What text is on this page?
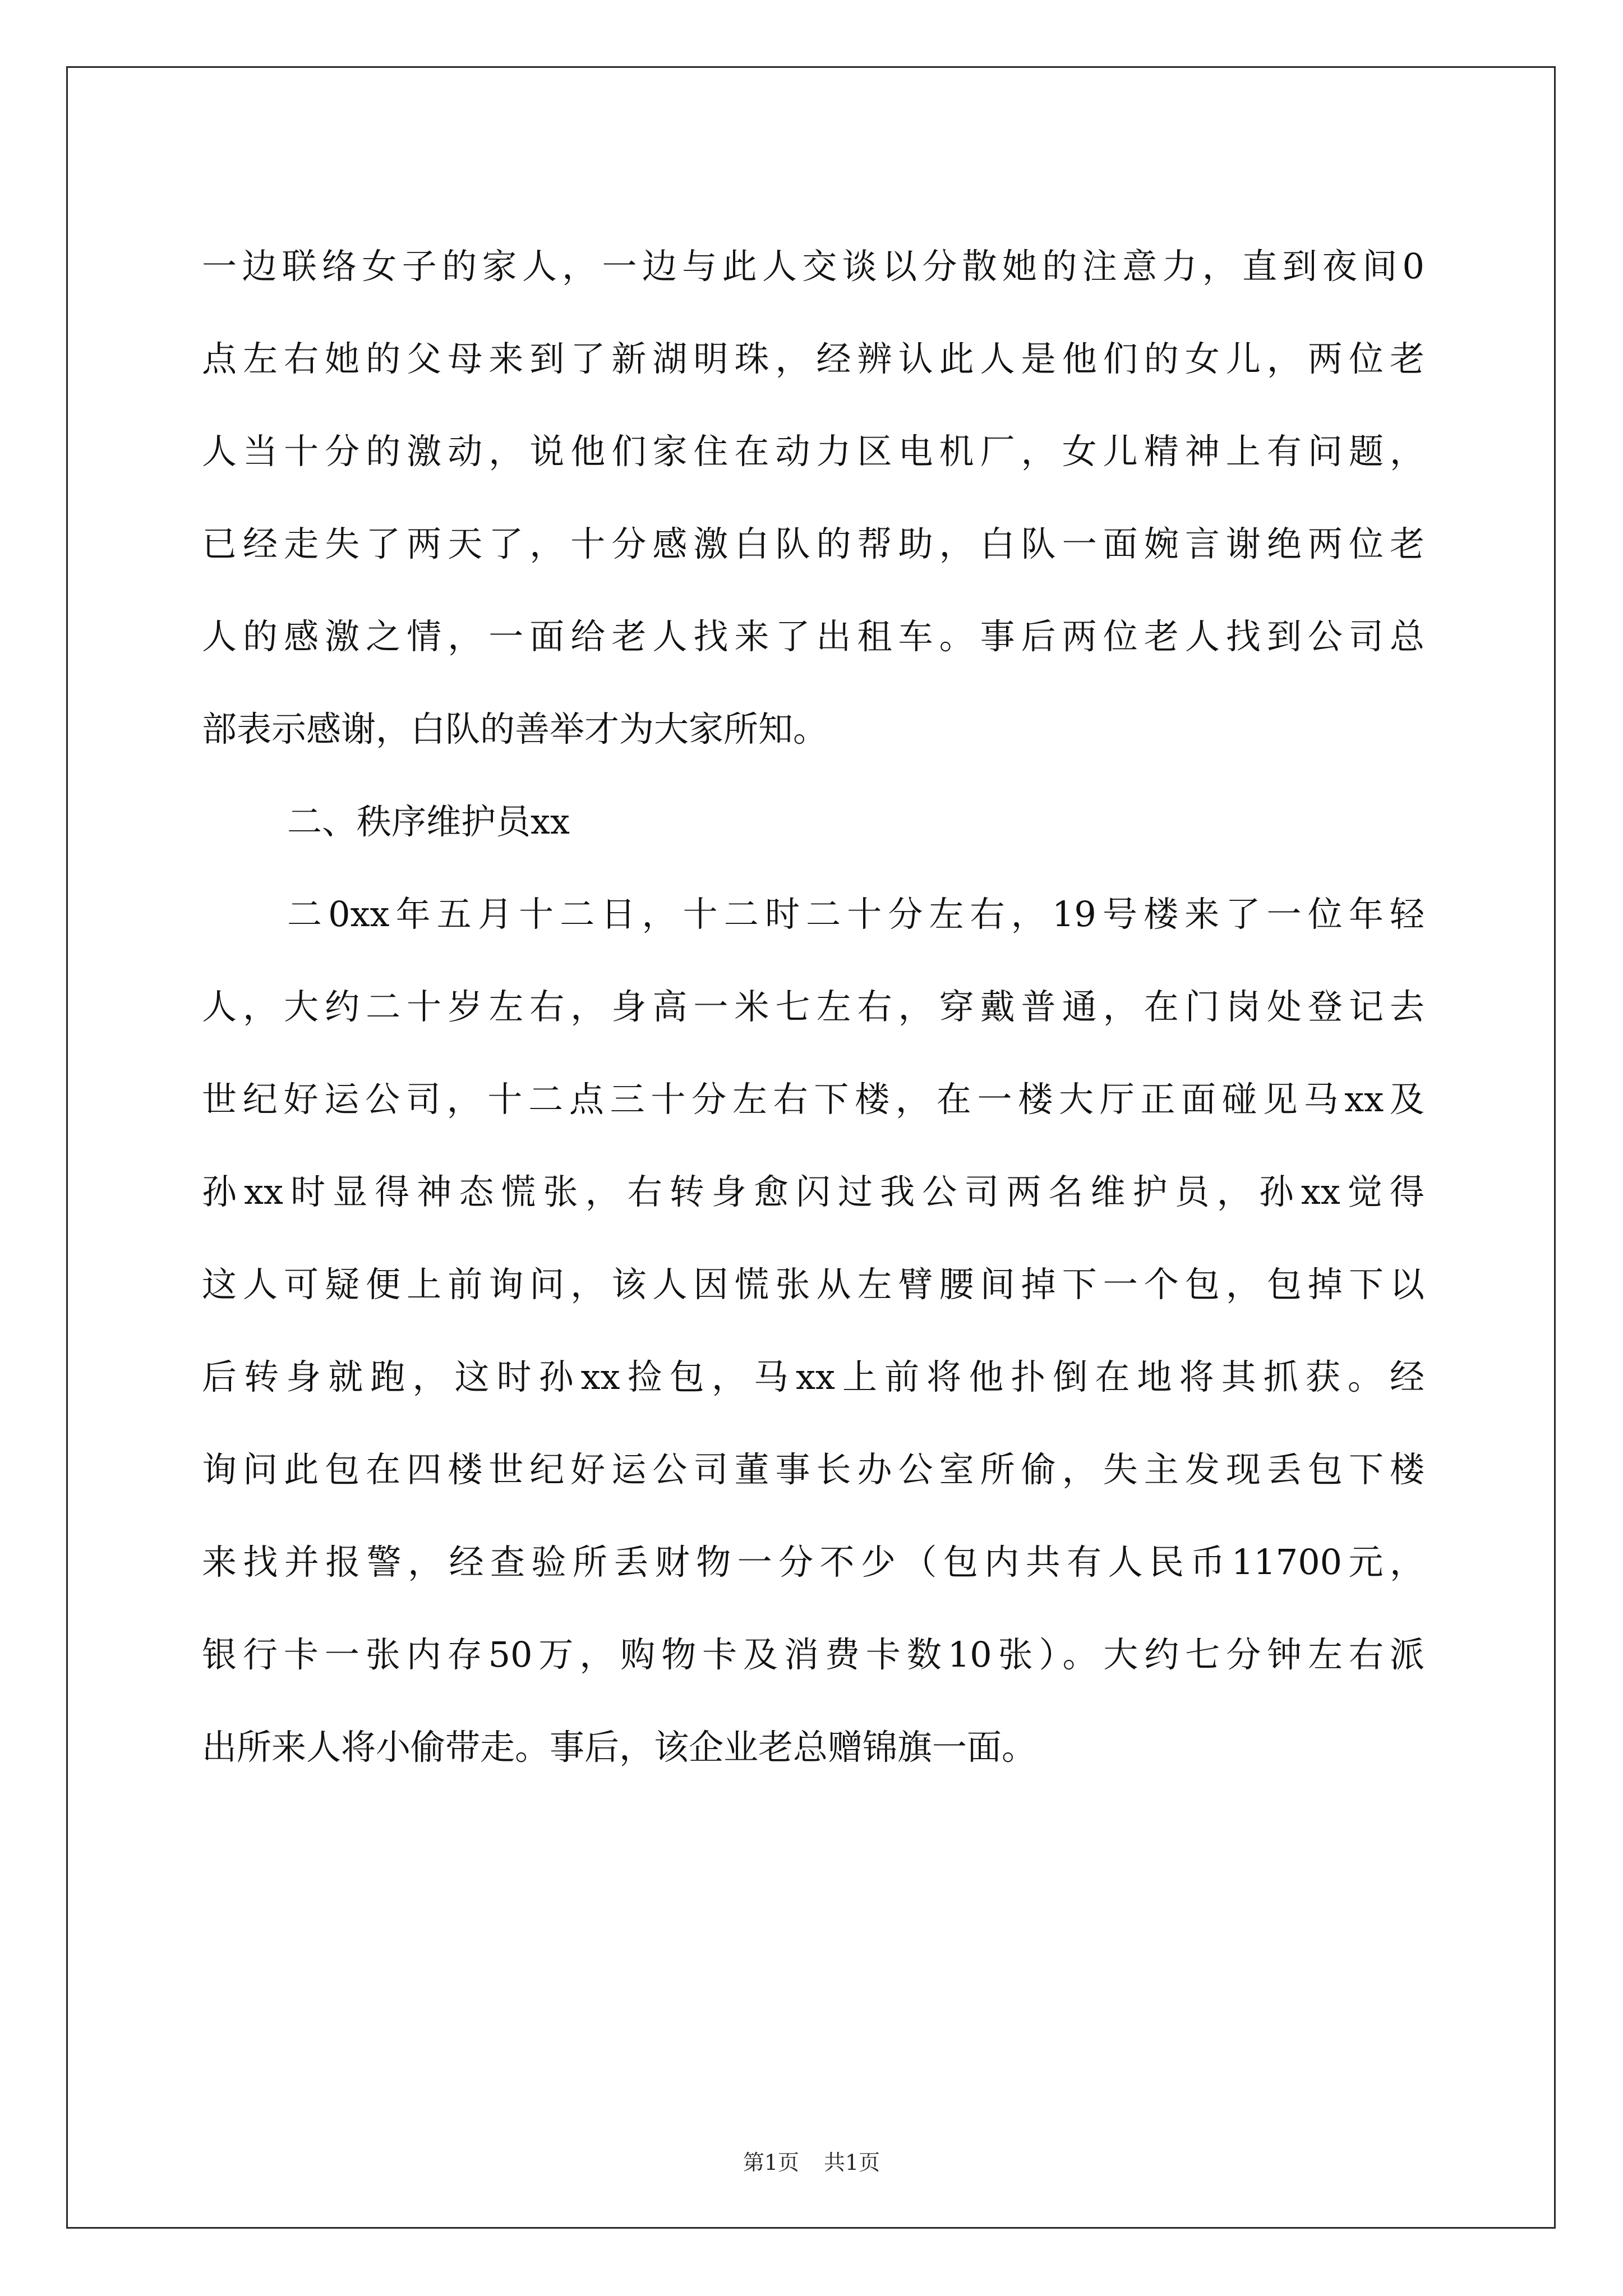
一边联络女子的家人，一边与此人交谈以分散她的注意力，直到夜间0
点左右她的父母来到了新湖明珠，经辨认此人是他们的女儿，两位老
人当十分的激动，说他们家住在动力区电机厂，女儿精神上有问题，
已经走失了两天了，十分感激白队的帮助，白队一面婉言谢绝两位老
人的感激之情，一面给老人找来了出租车。事后两位老人找到公司总
部表示感谢，白队的善举才为大家所知。
二、秩序维护员xx
二0xx年五月十二日，十二时二十分左右，19号楼来了一位年轻
人，大约二十岁左右，身高一米七左右，穿戴普通，在门岗处登记去
世纪好运公司，十二点三十分左右下楼，在一楼大厅正面碰见马xx及
孙xx时显得神态慌张，右转身愈闪过我公司两名维护员，孙xx觉得
这人可疑便上前询问，该人因慌张从左臂腰间掉下一个包，包掉下以
后转身就跑，这时孙xx捡包，马xx上前将他扑倒在地将其抓获。经
询问此包在四楼世纪好运公司董事长办公室所偷，失主发现丢包下楼
来找并报警，经查验所丢财物一分不少（包内共有人民币11700元，
银行卡一张内存50万，购物卡及消费卡数10张）。大约七分钟左右派
出所来人将小偷带走。事后，该企业老总赠锦旗一面。
第1页 共1页
